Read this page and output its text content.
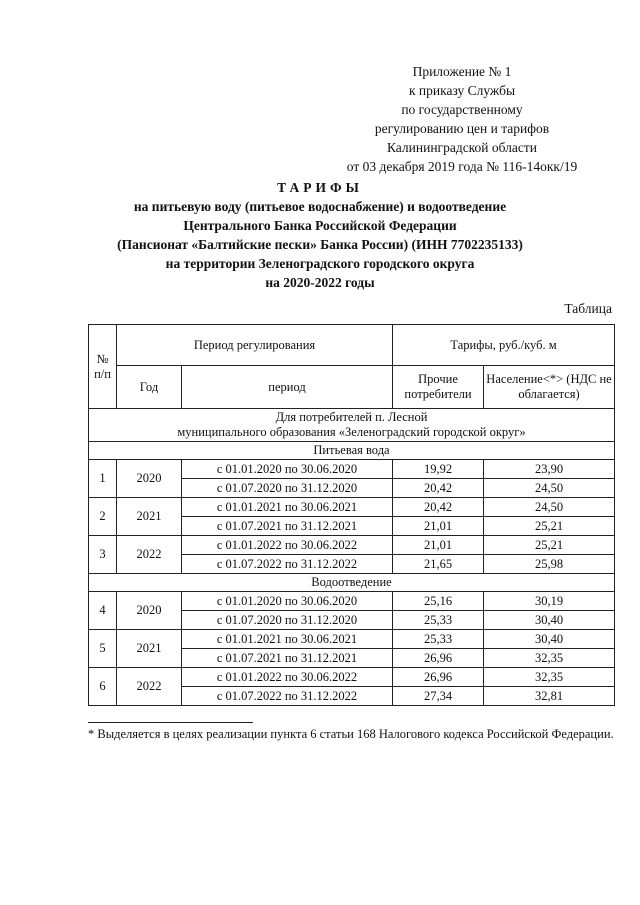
Приложение № 1
к приказу Службы
по государственному
регулированию цен и тарифов
Калининградской области
от 03 декабря 2019 года № 116-14окк/19
ТАРИФЫ
на питьевую воду (питьевое водоснабжение) и водоотведение
Центрального Банка Российской Федерации
(Пансионат «Балтийские пески» Банка России) (ИНН 7702235133)
на территории Зеленоградского городского округа
на 2020-2022 годы
Таблица
№ п/п	Период регулирования		Тарифы, руб./куб. м	
	Год	период	Прочие потребители	Население<*> (НДС не облагается)

Для потребителей п. Лесной
муниципального образования «Зеленоградский городской округ»				

Питьевая вода				
1	2020	с 01.01.2020 по 30.06.2020	19,92	23,90
		с 01.07.2020 по 31.12.2020	20,42	24,50
2	2021	с 01.01.2021 по 30.06.2021	20,42	24,50
		с 01.07.2021 по 31.12.2021	21,01	25,21
3	2022	с 01.01.2022 по 30.06.2022	21,01	25,21
		с 01.07.2022 по 31.12.2022	21,65	25,98
Водоотведение				
4	2020	с 01.01.2020 по 30.06.2020	25,16	30,19
		с 01.07.2020 по 31.12.2020	25,33	30,40
5	2021	с 01.01.2021 по 30.06.2021	25,33	30,40
		с 01.07.2021 по 31.12.2021	26,96	32,35
6	2022	с 01.01.2022 по 30.06.2022	26,96	32,35
		с 01.07.2022 по 31.12.2022	27,34	32,81
* Выделяется в целях реализации пункта 6 статьи 168 Налогового кодекса Российской Федерации.
